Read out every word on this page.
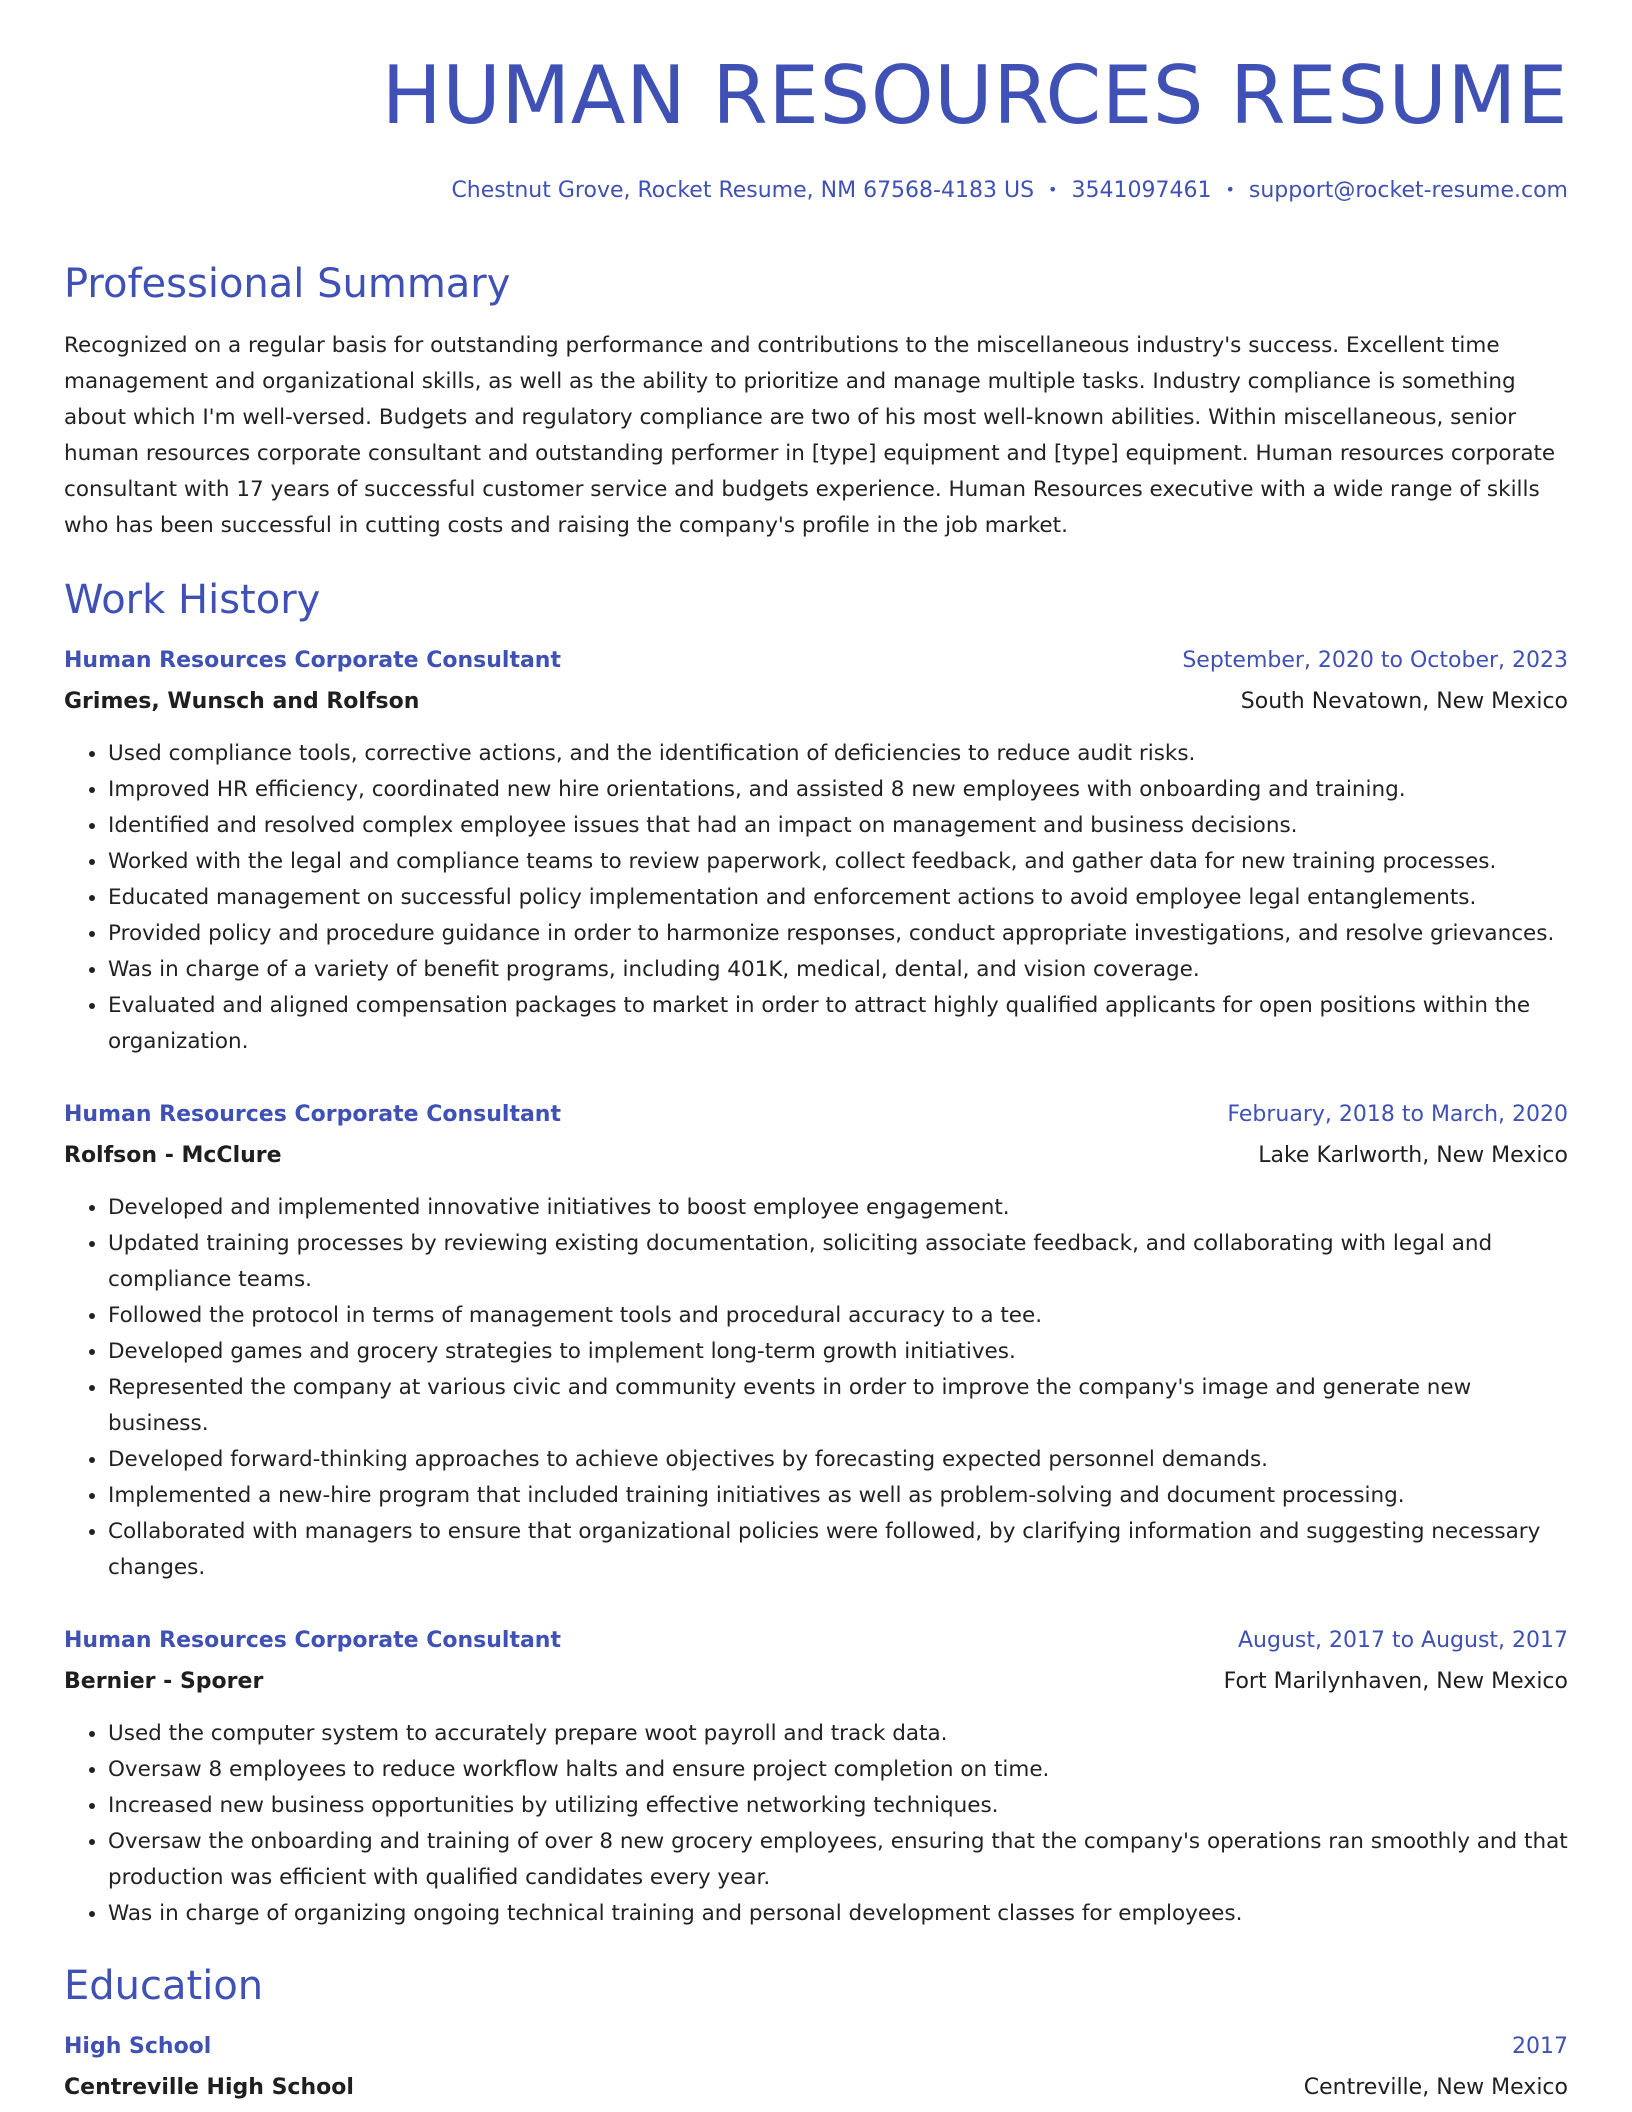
HUMAN RESOURCES RESUME
Chestnut Grove, Rocket Resume, NM 67568-4183 US • 3541097461 • support@rocket-resume.com
Professional Summary
Recognized on a regular basis for outstanding performance and contributions to the miscellaneous industry's success. Excellent time management and organizational skills, as well as the ability to prioritize and manage multiple tasks. Industry compliance is something about which I'm well-versed. Budgets and regulatory compliance are two of his most well-known abilities. Within miscellaneous, senior human resources corporate consultant and outstanding performer in [type] equipment and [type] equipment. Human resources corporate consultant with 17 years of successful customer service and budgets experience. Human Resources executive with a wide range of skills who has been successful in cutting costs and raising the company's profile in the job market.
Work History
Human Resources Corporate Consultant	September, 2020 to October, 2023
Grimes, Wunsch and Rolfson	South Nevatown, New Mexico
• Used compliance tools, corrective actions, and the identification of deficiencies to reduce audit risks.
• Improved HR efficiency, coordinated new hire orientations, and assisted 8 new employees with onboarding and training.
• Identified and resolved complex employee issues that had an impact on management and business decisions.
• Worked with the legal and compliance teams to review paperwork, collect feedback, and gather data for new training processes.
• Educated management on successful policy implementation and enforcement actions to avoid employee legal entanglements.
• Provided policy and procedure guidance in order to harmonize responses, conduct appropriate investigations, and resolve grievances.
• Was in charge of a variety of benefit programs, including 401K, medical, dental, and vision coverage.
• Evaluated and aligned compensation packages to market in order to attract highly qualified applicants for open positions within the organization.
Human Resources Corporate Consultant	February, 2018 to March, 2020
Rolfson - McClure	Lake Karlworth, New Mexico
• Developed and implemented innovative initiatives to boost employee engagement.
• Updated training processes by reviewing existing documentation, soliciting associate feedback, and collaborating with legal and compliance teams.
• Followed the protocol in terms of management tools and procedural accuracy to a tee.
• Developed games and grocery strategies to implement long-term growth initiatives.
• Represented the company at various civic and community events in order to improve the company's image and generate new business.
• Developed forward-thinking approaches to achieve objectives by forecasting expected personnel demands.
• Implemented a new-hire program that included training initiatives as well as problem-solving and document processing.
• Collaborated with managers to ensure that organizational policies were followed, by clarifying information and suggesting necessary changes.
Human Resources Corporate Consultant	August, 2017 to August, 2017
Bernier - Sporer	Fort Marilynhaven, New Mexico
• Used the computer system to accurately prepare woot payroll and track data.
• Oversaw 8 employees to reduce workflow halts and ensure project completion on time.
• Increased new business opportunities by utilizing effective networking techniques.
• Oversaw the onboarding and training of over 8 new grocery employees, ensuring that the company's operations ran smoothly and that production was efficient with qualified candidates every year.
• Was in charge of organizing ongoing technical training and personal development classes for employees.
Education
High School	2017
Centreville High School	Centreville, New Mexico
